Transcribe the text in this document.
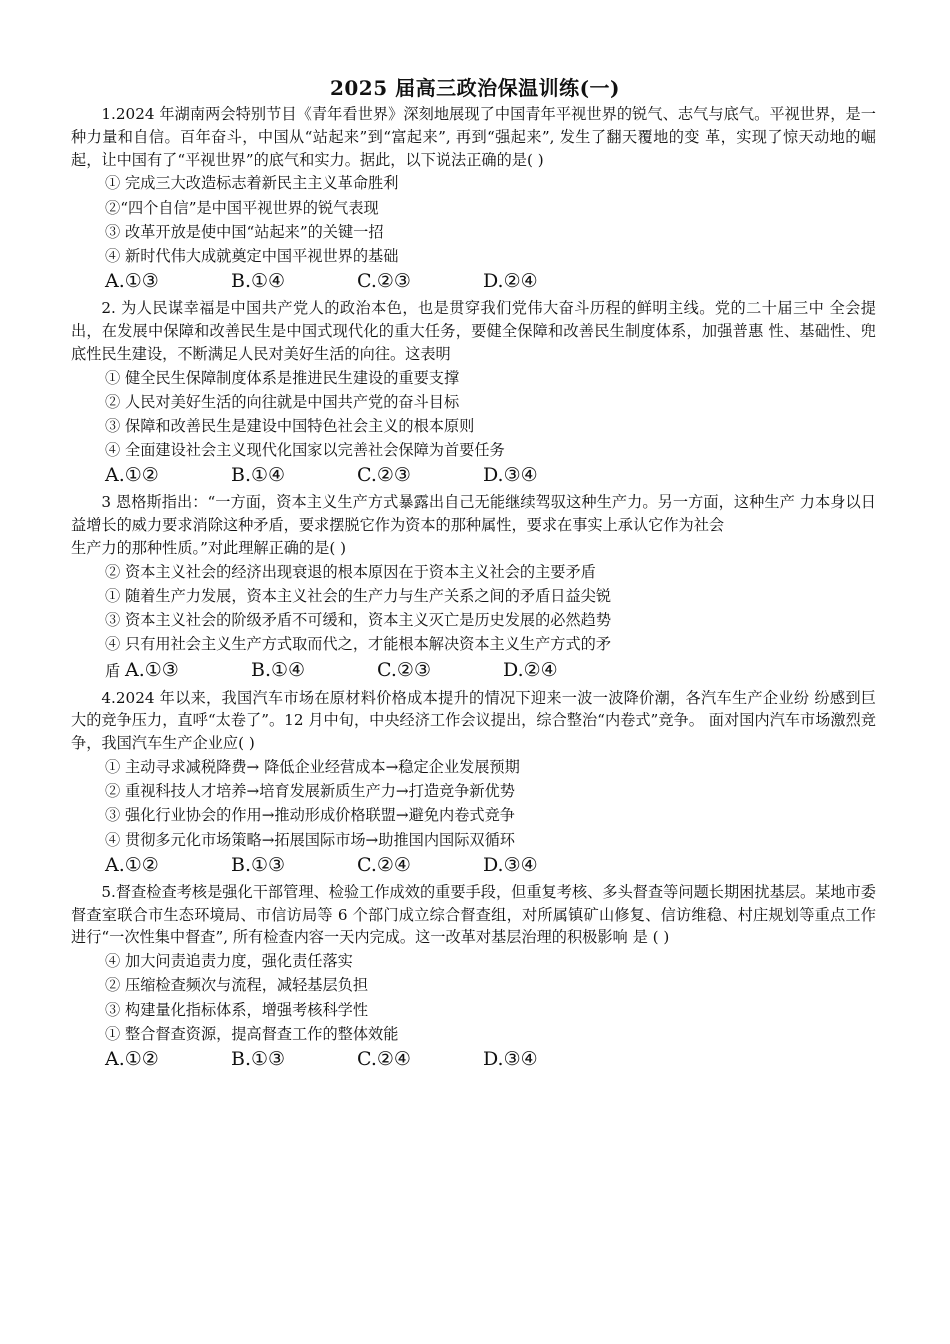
2025 届高三政治保温训练(一)

1.2024 年湖南两会特别节目《青年看世界》深刻地展现了中国青年平视世界的锐气、志气与底气。平视世界，是一种力量和自信。百年奋斗，中国从“站起来”到“富起来”, 再到“强起来”, 发生了翻天覆地的变 革，实现了惊天动地的崛起，让中国有了“平视世界”的底气和实力。据此，以下说法正确的是( )

① 完成三大改造标志着新民主主义革命胜利

②“四个自信”是中国平视世界的锐气表现

③ 改革开放是使中国“站起来”的关键一招

④ 新时代伟大成就奠定中国平视世界的基础

A.①③	B.①④	C.②③	D.②④

2. 为人民谋幸福是中国共产党人的政治本色，也是贯穿我们党伟大奋斗历程的鲜明主线。党的二十届三中 全会提出，在发展中保障和改善民生是中国式现代化的重大任务，要健全保障和改善民生制度体系，加强普惠 性、基础性、兜底性民生建设，不断满足人民对美好生活的向往。这表明

① 健全民生保障制度体系是推进民生建设的重要支撑

② 人民对美好生活的向往就是中国共产党的奋斗目标

③ 保障和改善民生是建设中国特色社会主义的根本原则

④ 全面建设社会主义现代化国家以完善社会保障为首要任务

A.①②	B.①④	C.②③	D.③④

3 恩格斯指出：“一方面，资本主义生产方式暴露出自己无能继续驾驭这种生产力。另一方面，这种生产 力本身以日益增长的威力要求消除这种矛盾，要求摆脱它作为资本的那种属性，要求在事实上承认它作为社会

生产力的那种性质。”对此理解正确的是( )

② 资本主义社会的经济出现衰退的根本原因在于资本主义社会的主要矛盾

① 随着生产力发展，资本主义社会的生产力与生产关系之间的矛盾日益尖锐

③ 资本主义社会的阶级矛盾不可缓和，资本主义灭亡是历史发展的必然趋势

④ 只有用社会主义生产方式取而代之，才能根本解决资本主义生产方式的矛

盾 A.①③	B.①④	C.②③	D.②④

4.2024 年以来，我国汽车市场在原材料价格成本提升的情况下迎来一波一波降价潮，各汽车生产企业纷 纷感到巨大的竞争压力，直呼“太卷了”。12 月中旬，中央经济工作会议提出，综合整治“内卷式”竞争。 面对国内汽车市场激烈竞争，我国汽车生产企业应( )

① 主动寻求减税降费→ 降低企业经营成本→稳定企业发展预期

② 重视科技人才培养→培育发展新质生产力→打造竞争新优势

③ 强化行业协会的作用→推动形成价格联盟→避免内卷式竞争

④ 贯彻多元化市场策略→拓展国际市场→助推国内国际双循环

A.①②	B.①③	C.②④	D.③④

5.督查检查考核是强化干部管理、检验工作成效的重要手段，但重复考核、多头督查等问题长期困扰基层。某地市委督查室联合市生态环境局、市信访局等 6 个部门成立综合督查组，对所属镇矿山修复、信访维稳、村庄规划等重点工作进行“一次性集中督查”, 所有检查内容一天内完成。这一改革对基层治理的积极影响 是 ( )

④ 加大问责追责力度，强化责任落实

② 压缩检查频次与流程，减轻基层负担

③ 构建量化指标体系，增强考核科学性

① 整合督查资源，提高督查工作的整体效能

A.①②	B.①③	C.②④	D.③④
